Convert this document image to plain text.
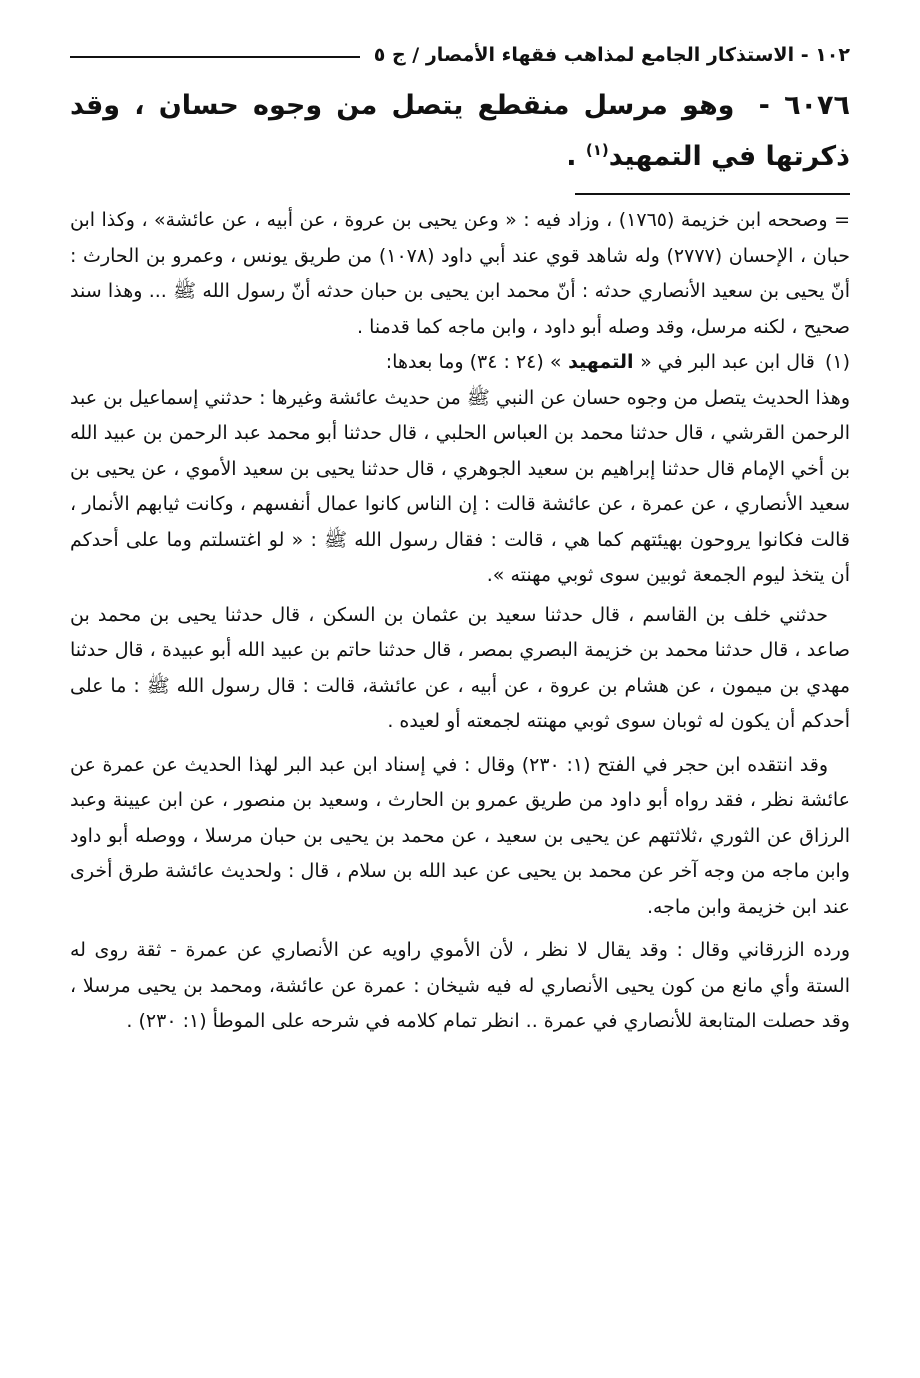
١٠٢ - الاستذكار الجامع لمذاهب فقهاء الأمصار / ج ٥
٦٠٧٦ - وهو مرسل منقطع يتصل من وجوه حسان ، وقد ذكرتها في التمهيد$^{(١)}$ .

= وصححه ابن خزيمة (١٧٦٥) ، وزاد فيه : « وعن يحيى بن عروة ، عن أبيه ، عن عائشة» ، وكذا ابن حبان ، الإحسان (٢٧٧٧) وله شاهد قوي عند أبي داود (١٠٧٨) من طريق يونس ، وعمرو بن الحارث : أنّ يحيى بن سعيد الأنصاري حدثه : أنّ محمد ابن يحيى بن حبان حدثه أنّ رسول الله ﷺ ... وهذا سند صحيح ، لكنه مرسل، وقد وصله أبو داود ، وابن ماجه كما قدمنا .

(١) قال ابن عبد البر في « التمهيد » (٢٤ : ٣٤) وما بعدها:

وهذا الحديث يتصل من وجوه حسان عن النبي ﷺ من حديث عائشة وغيرها : حدثني إسماعيل بن عبد الرحمن القرشي ، قال حدثنا محمد بن العباس الحلبي ، قال حدثنا أبو محمد عبد الرحمن بن عبيد الله بن أخي الإمام قال حدثنا إبراهيم بن سعيد الجوهري ، قال حدثنا يحيى بن سعيد الأموي ، عن يحيى بن سعيد الأنصاري ، عن عمرة ، عن عائشة قالت : إن الناس كانوا عمال أنفسهم ، وكانت ثيابهم الأنمار ، قالت فكانوا يروحون بهيئتهم كما هي ، قالت : فقال رسول الله ﷺ : « لو اغتسلتم وما على أحدكم أن يتخذ ليوم الجمعة ثوبين سوى ثوبي مهنته ».

حدثني خلف بن القاسم ، قال حدثنا سعيد بن عثمان بن السكن ، قال حدثنا يحيى بن محمد بن صاعد ، قال حدثنا محمد بن خزيمة البصري بمصر ، قال حدثنا حاتم بن عبيد الله أبو عبيدة ، قال حدثنا مهدي بن ميمون ، عن هشام بن عروة ، عن أبيه ، عن عائشة، قالت : قال رسول الله ﷺ : ما على أحدكم أن يكون له ثوبان سوى ثوبي مهنته لجمعته أو لعيده .

وقد انتقده ابن حجر في الفتح (١: ٢٣٠) وقال : في إسناد ابن عبد البر لهذا الحديث عن عمرة عن عائشة نظر ، فقد رواه أبو داود من طريق عمرو بن الحارث ، وسعيد بن منصور ، عن ابن عيينة وعبد الرزاق عن الثوري ،ثلاثتهم عن يحيى بن سعيد ، عن محمد بن يحيى بن حبان مرسلا ، ووصله أبو داود وابن ماجه من وجه آخر عن محمد بن يحيى عن عبد الله بن سلام ، قال : ولحديث عائشة طرق أخرى عند ابن خزيمة وابن ماجه.

ورده الزرقاني وقال : وقد يقال لا نظر ، لأن الأموي راويه عن الأنصاري عن عمرة - ثقة روى له الستة وأي مانع من كون يحيى الأنصاري له فيه شيخان : عمرة عن عائشة، ومحمد بن يحيى مرسلا ، وقد حصلت المتابعة للأنصاري في عمرة .. انظر تمام كلامه في شرحه على الموطأ (١: ٢٣٠) .
